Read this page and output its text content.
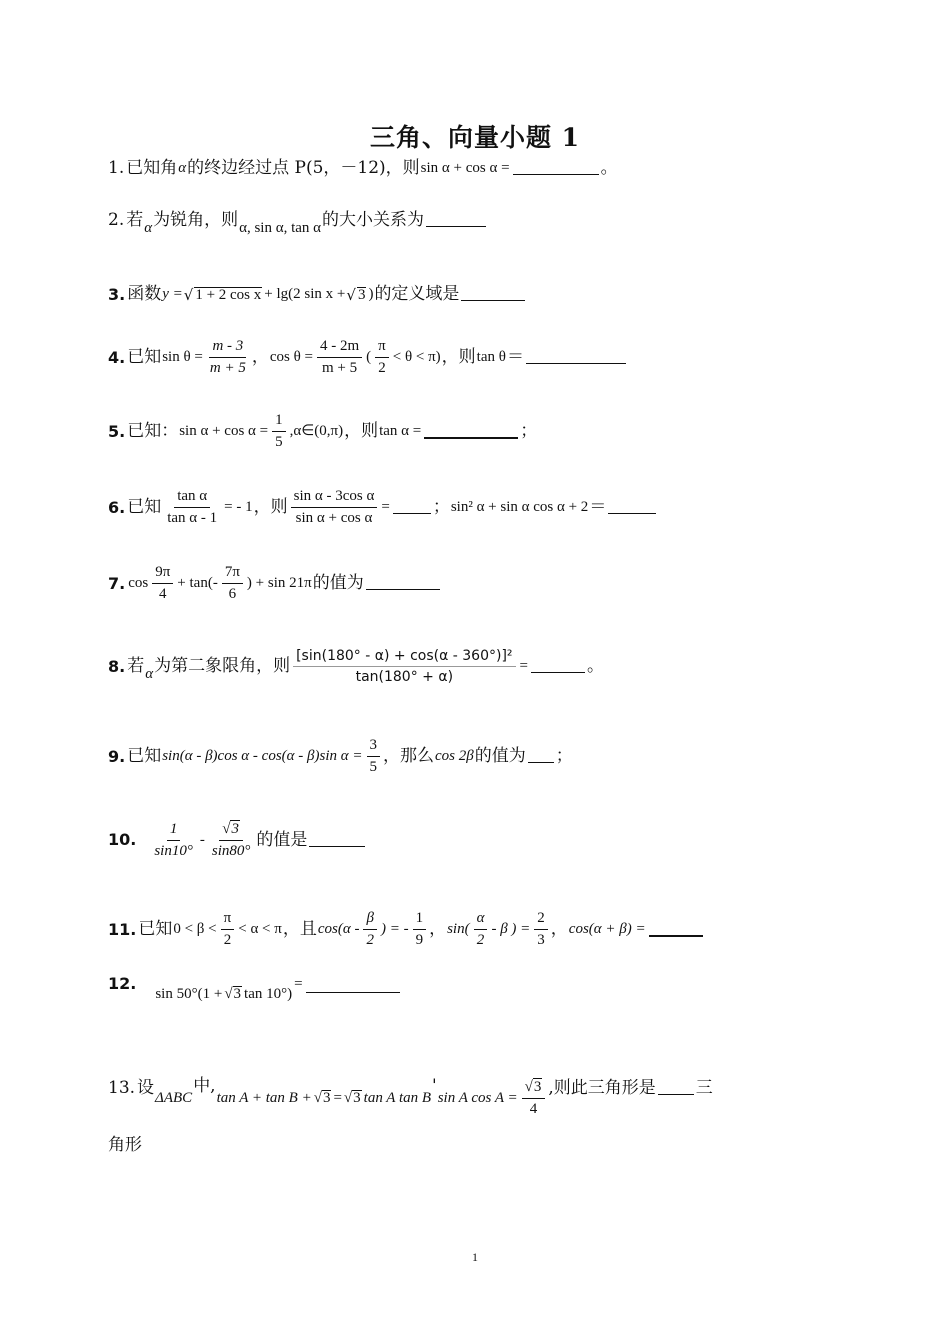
三角、向量小题 1
1. 已知角 α 的终边经过点 P(5，－12)，则 sin α + cos α =	。
2. 若 α 为锐角，则 α, sin α, tan α 的大小关系为
3. 函数 y = √ 1 + 2 cos x + lg(2 sin x + √ 3 ) 的定义域是
4. 已知 $\sin \theta = \frac{m - 3}{m + 5}$ ， $\cos \theta = \frac{4 - 2m}{m + 5}$ ( $\frac{\pi}{2} < \theta < \pi$) ，则 tan θ ＝
5. 已知： $\sin \alpha + \cos \alpha = \frac{1}{5}$ ,α∈(0,π) ，则 tan α =	；
6. 已知 $\frac{\text{tan α}}{\text{tan α - 1}}$ = - 1 ，则 $\frac{\text{sin α - 3cos α}}{\text{sin α + cos α}}$ =	； sin² α + sin α cos α + 2 ＝
7. $\cos \frac{9\pi}{4} + \tan(- \frac{7\pi}{6}$ ) + sin 21π 的值为
8. 若 α 为第二象限角，则 $\frac{\text{[sin(180° - α) + cos(α - 360°)]²}}{\tan(180^\circ + \alpha)}$ =	。
9. 已知 sin(α - β)cos α - cos(α - β)sin $\alpha = \frac{3}{5}$ ，那么 cos 2β 的值为 ；
10. $\frac{1}{\sin 10^\circ} - \frac{√ 3}{\sin 80^\circ}$ 的值是
11. 已知 $0 < \beta < \frac{\pi}{2} < \alpha < \pi$ ，且 $\cos(\alpha - \frac{\beta}{2}$ ) = - $\frac{1}{9}$ ， $\sin( \frac{\alpha}{2}$ - β ) = $\frac{2}{3}$ ， cos(α + β) =
12.
sin 50°(1 + √ 3 tan 10°)
=
13. 设 ΔABC
中,
tan A + tan B + √ 3 = √ 3 tan A tan B
'
sin A $\cos A = \frac{√ 3}{4}$ ,则此三角形是 三
角形
1
